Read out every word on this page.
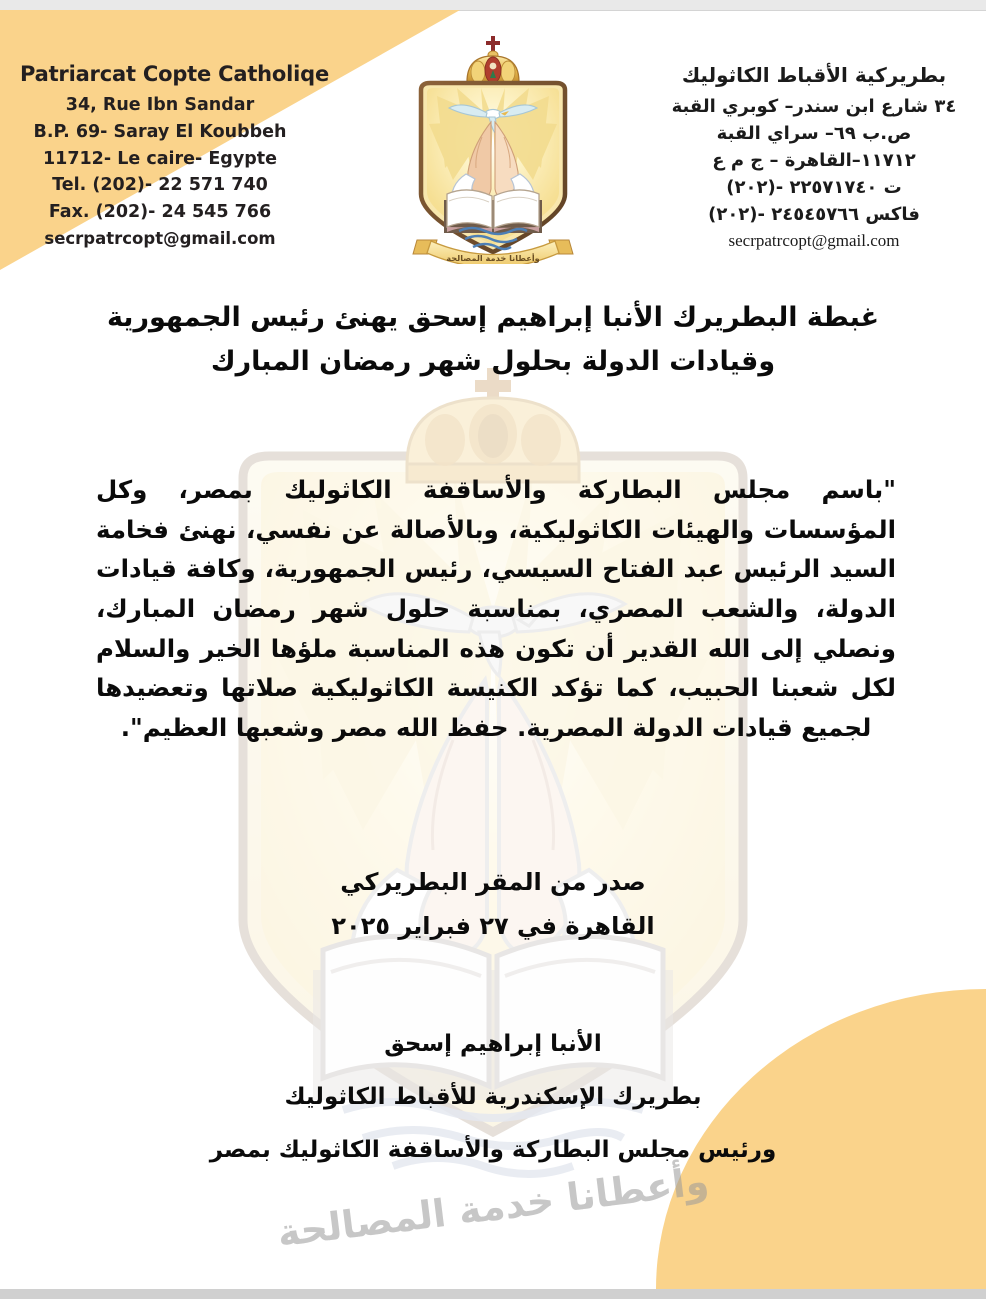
Patriarcat Copte Catholiqe
34, Rue Ibn Sandar
B.P. 69- Saray El Koubbeh
11712- Le caire- Egypte
Tel. (202)- 22 571 740
Fax. (202)- 24 545 766
secrpatrcopt@gmail.com
بطريركية الأقباط الكاثوليك
٣٤ شارع ابن سندر– كوبري القبة
ص.ب ٦٩– سراي القبة
١١٧١٢–القاهرة – ج م ع
ت ٢٢٥٧١٧٤٠ -(٢٠٢)
فاكس ٢٤٥٤٥٧٦٦ -(٢٠٢)
secrpatrcopt@gmail.com
وأعطانا خدمة المصالحة
غبطة البطريرك الأنبا إبراهيم إسحق يهنئ رئيس الجمهورية وقيادات الدولة بحلول شهر رمضان المبارك
"باسم مجلس البطاركة والأساقفة الكاثوليك بمصر، وكل المؤسسات والهيئات الكاثوليكية، وبالأصالة عن نفسي، نهنئ فخامة السيد الرئيس عبد الفتاح السيسي، رئيس الجمهورية، وكافة قيادات الدولة، والشعب المصري، بمناسبة حلول شهر رمضان المبارك، ونصلي إلى الله القدير أن تكون هذه المناسبة ملؤها الخير والسلام لكل شعبنا الحبيب، كما تؤكد الكنيسة الكاثوليكية صلاتها وتعضيدها لجميع قيادات الدولة المصرية. حفظ الله مصر وشعبها العظيم".
صدر من المقر البطريركي
القاهرة في ٢٧ فبراير ٢٠٢٥
الأنبا إبراهيم إسحق
بطريرك الإسكندرية للأقباط الكاثوليك
ورئيس مجلس البطاركة والأساقفة الكاثوليك بمصر
وأعطانا خدمة المصالحة
